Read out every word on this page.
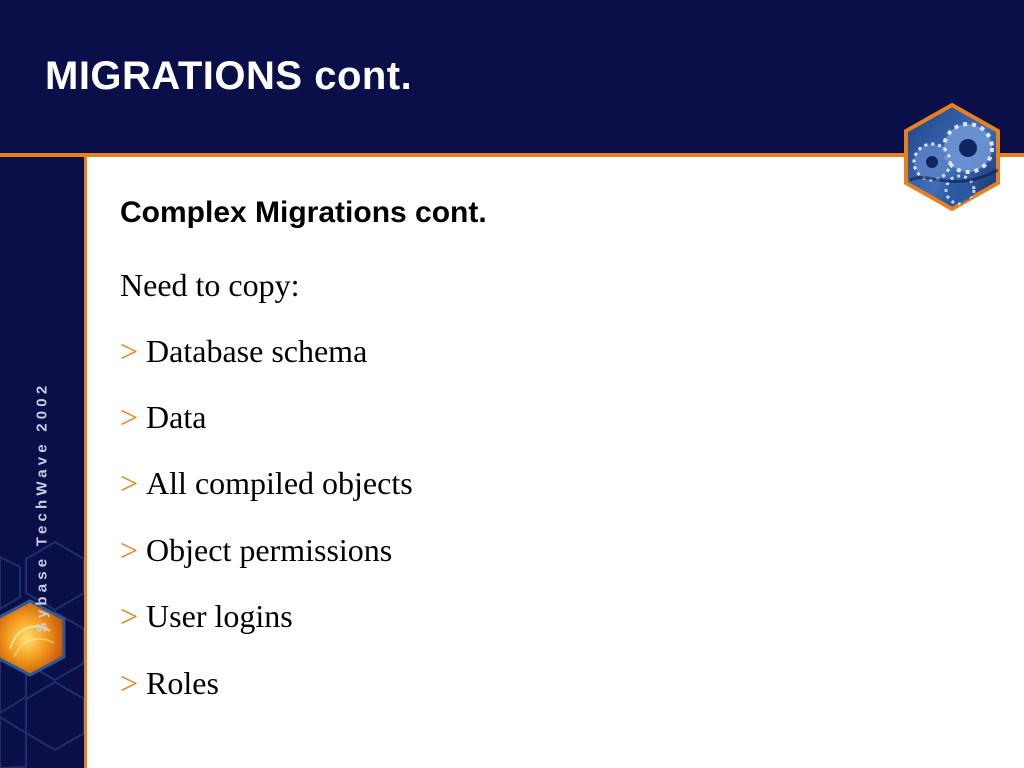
MIGRATIONS cont.
Sybase TechWave 2002
Complex Migrations cont.
Need to copy:
> Database schema
> Data
> All compiled objects
> Object permissions
> User logins
> Roles
